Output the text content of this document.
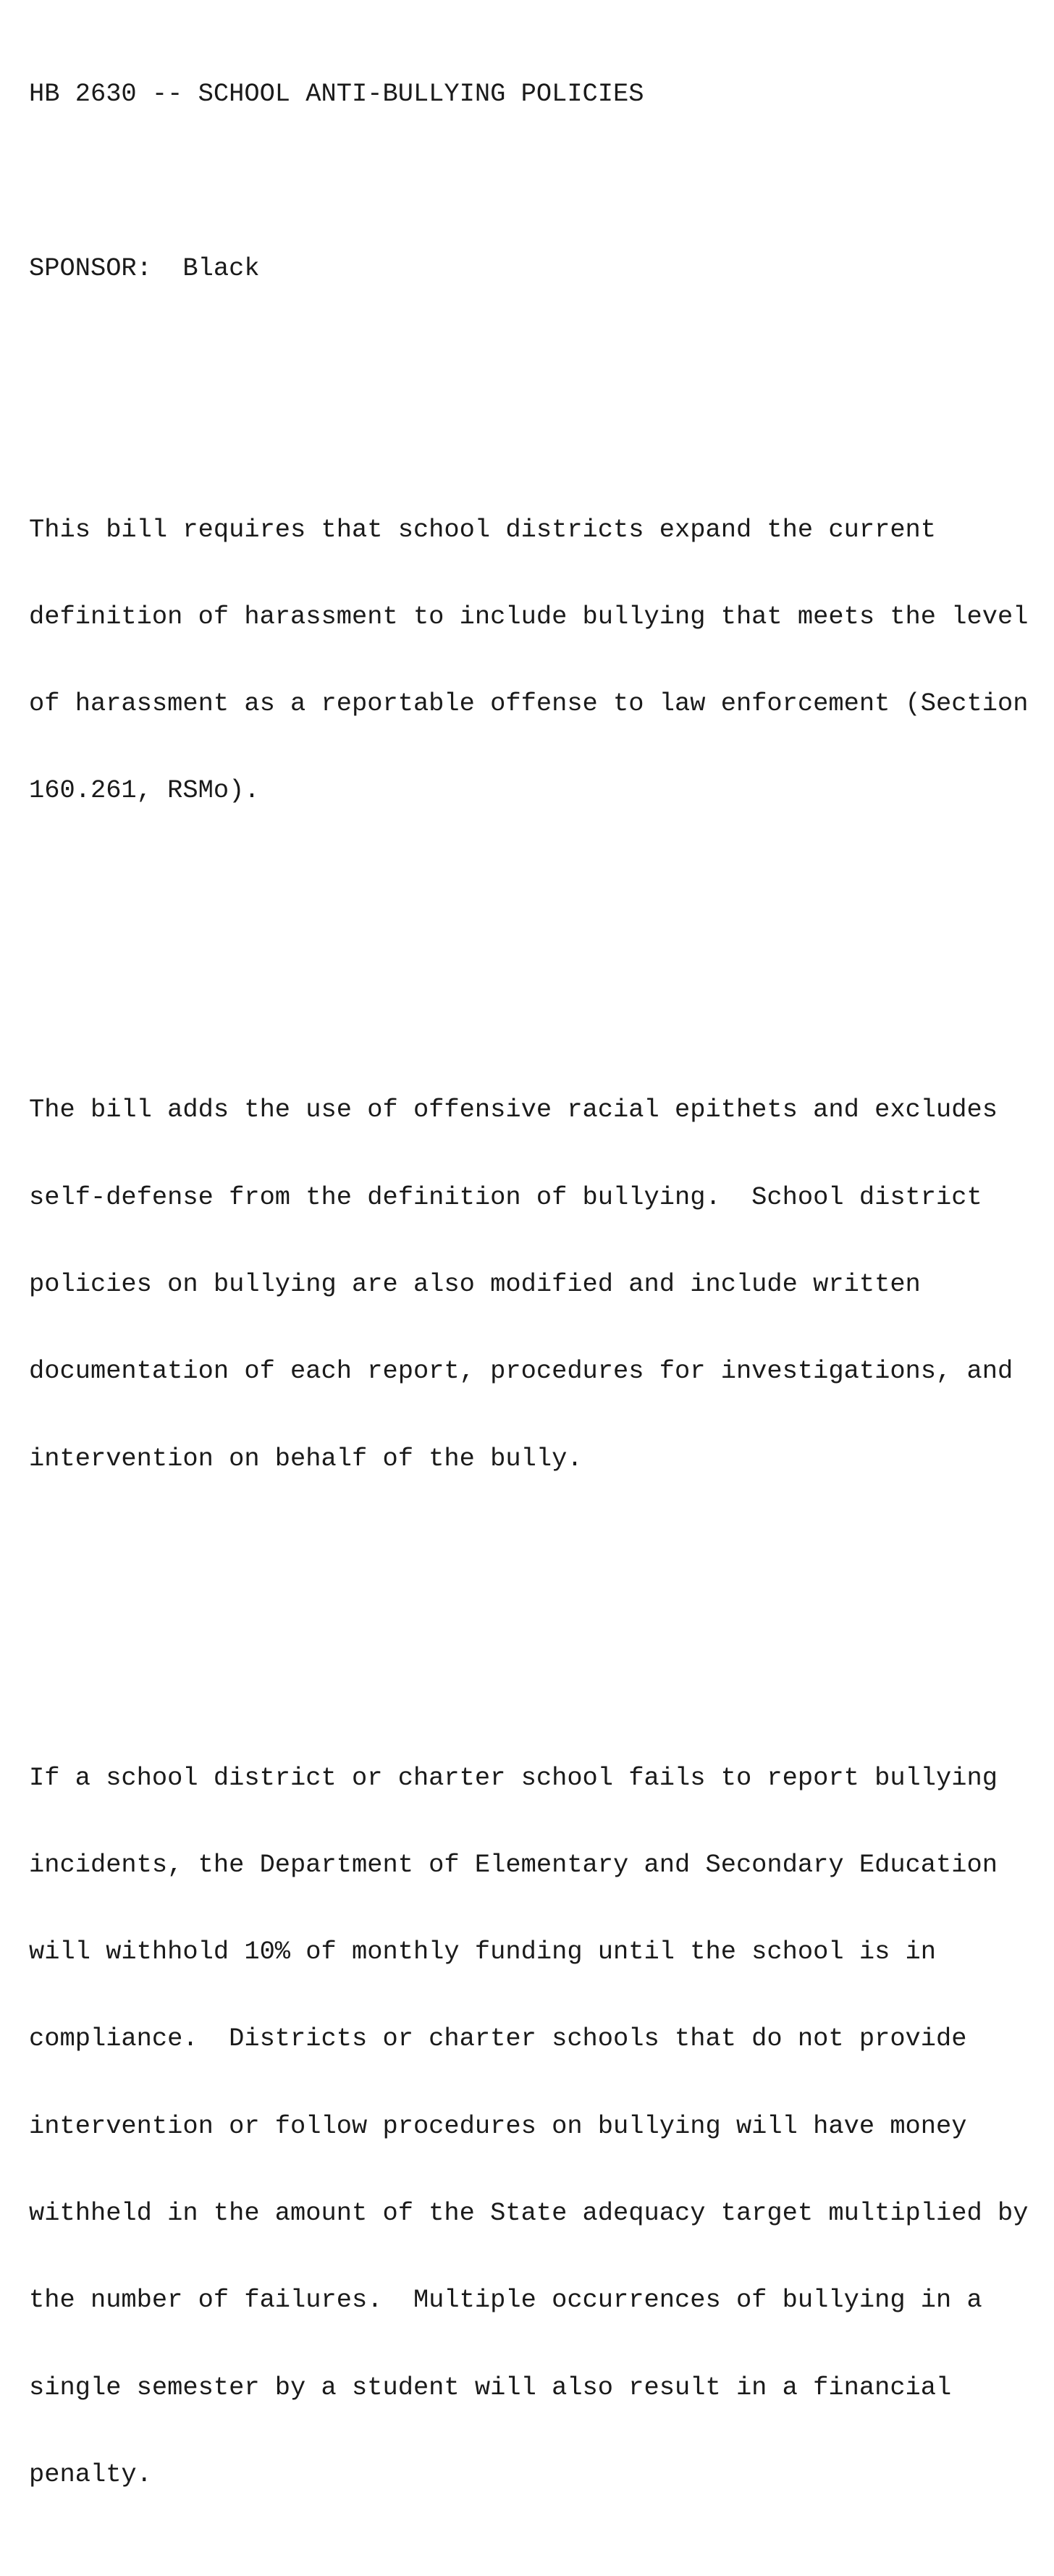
HB 2630 -- SCHOOL ANTI-BULLYING POLICIES

SPONSOR:  Black

This bill requires that school districts expand the current

definition of harassment to include bullying that meets the level

of harassment as a reportable offense to law enforcement (Section

160.261, RSMo).

The bill adds the use of offensive racial epithets and excludes

self-defense from the definition of bullying.  School district

policies on bullying are also modified and include written

documentation of each report, procedures for investigations, and

intervention on behalf of the bully.

If a school district or charter school fails to report bullying

incidents, the Department of Elementary and Secondary Education

will withhold 10% of monthly funding until the school is in

compliance.  Districts or charter schools that do not provide

intervention or follow procedures on bullying will have money

withheld in the amount of the State adequacy target multiplied by

the number of failures.  Multiple occurrences of bullying in a

single semester by a student will also result in a financial

penalty.
